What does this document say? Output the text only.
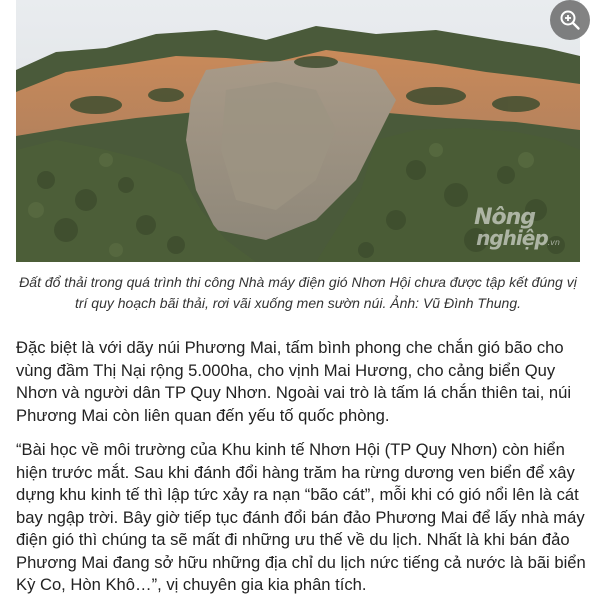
Nông
nghiệp.vn

Đất đổ thải trong quá trình thi công Nhà máy điện gió Nhơn Hội chưa được tập kết đúng vị trí quy hoạch bãi thải, rơi vãi xuống men sườn núi. Ảnh: Vũ Đình Thung.

Đặc biệt là với dãy núi Phương Mai, tấm bình phong che chắn gió bão cho vùng đầm Thị Nại rộng 5.000ha, cho vịnh Mai Hương, cho cảng biển Quy Nhơn và người dân TP Quy Nhơn. Ngoài vai trò là tấm lá chắn thiên tai, núi Phương Mai còn liên quan đến yếu tố quốc phòng.

“Bài học về môi trường của Khu kinh tế Nhơn Hội (TP Quy Nhơn) còn hiển hiện trước mắt. Sau khi đánh đổi hàng trăm ha rừng dương ven biển để xây dựng khu kinh tế thì lập tức xảy ra nạn “bão cát”, mỗi khi có gió nổi lên là cát bay ngập trời. Bây giờ tiếp tục đánh đổi bán đảo Phương Mai để lấy nhà máy điện gió thì chúng ta sẽ mất đi những ưu thế về du lịch. Nhất là khi bán đảo Phương Mai đang sở hữu những địa chỉ du lịch nức tiếng cả nước là bãi biển Kỳ Co, Hòn Khô…”, vị chuyên gia kia phân tích.
